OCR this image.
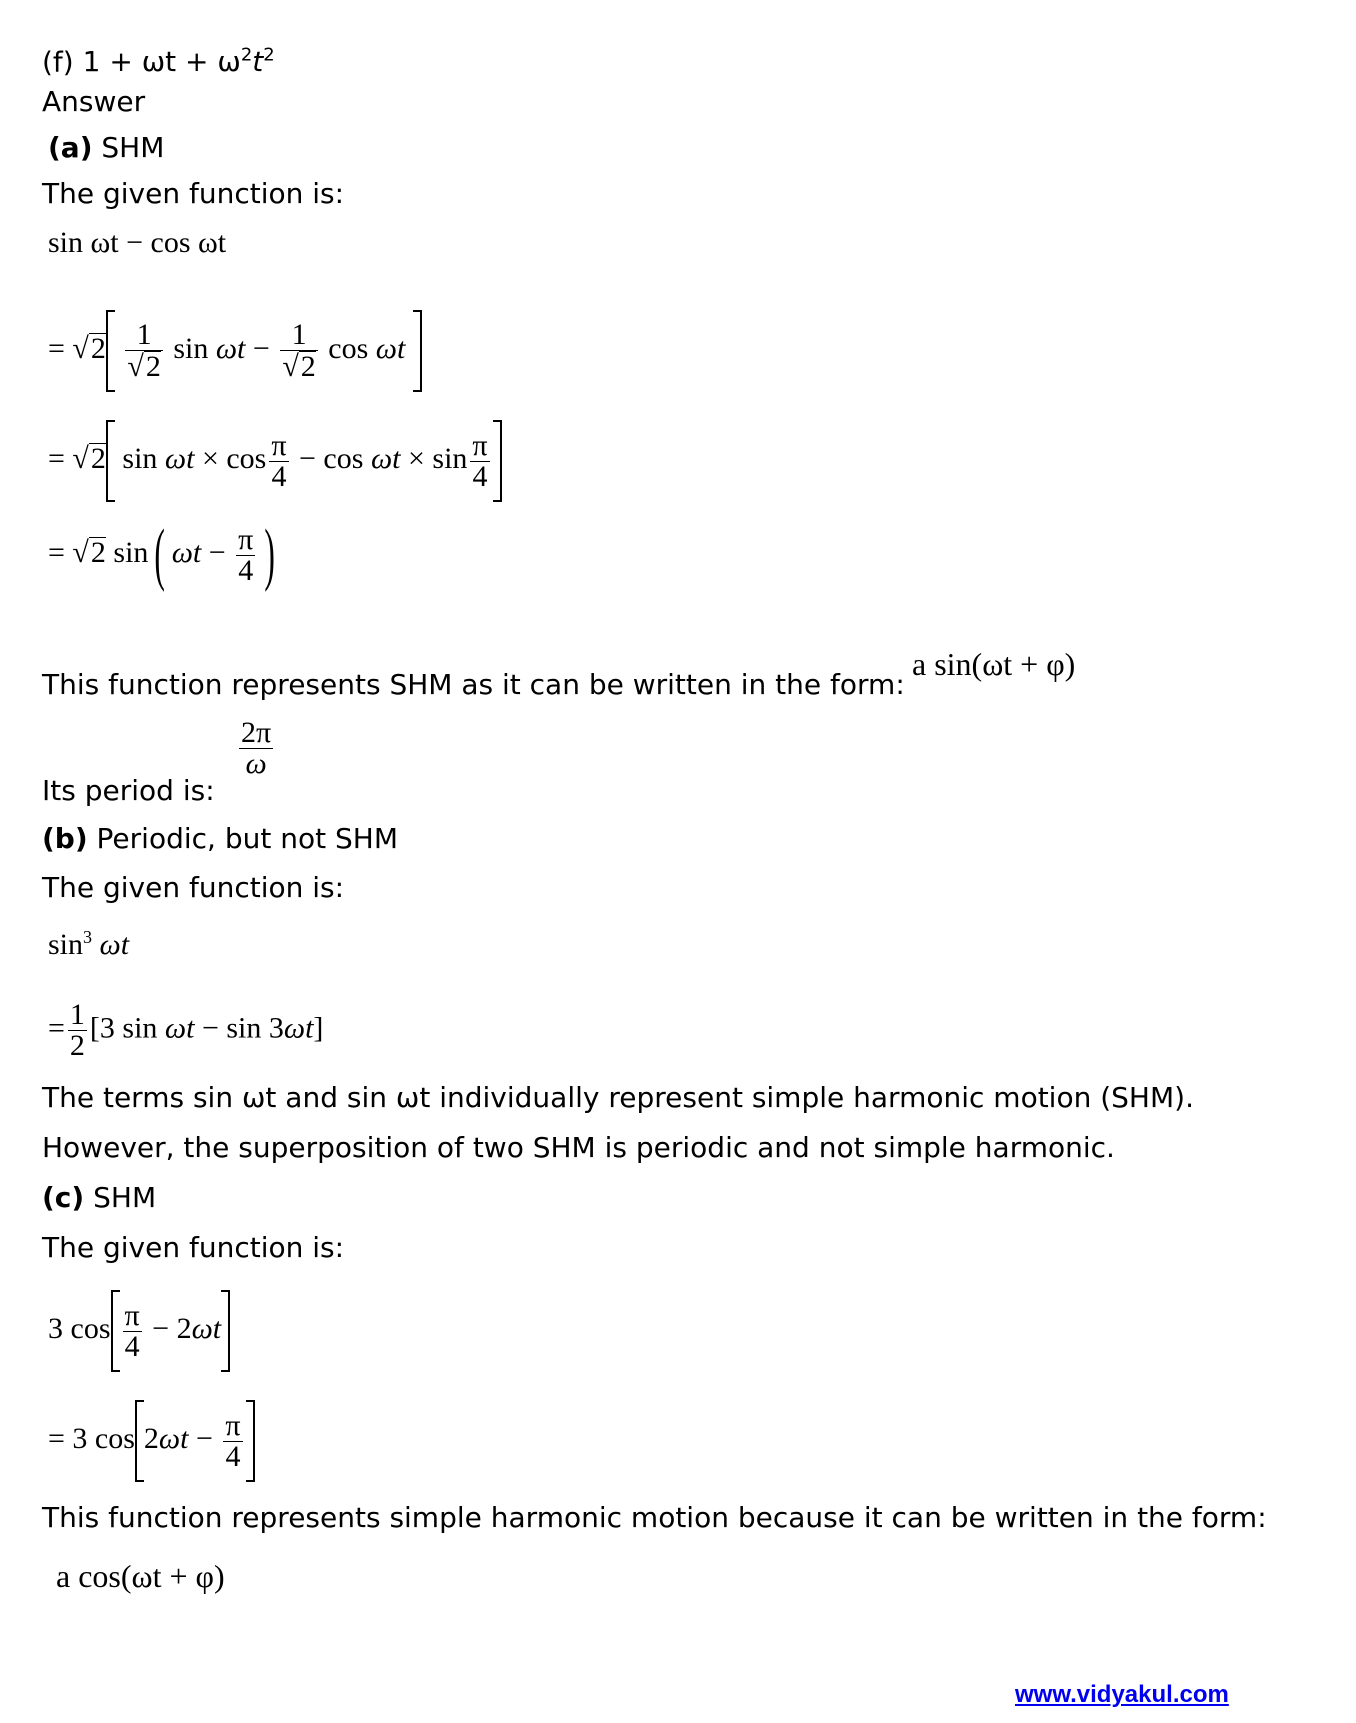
(f) $1 + \omega t + \omega^2t^2$
Answer
(a) SHM
The given function is:
sin ωt − cos ωt
= $√2 \frac{1}{√2}$ $\sin \omega t - \frac{1}{√2}$ cos ωt
= √2 $\sin \omega t \times \cos \frac{\pi}{4} - \cos \omega t \times \sin \frac{\pi}{4}$
= √2 sin( $\omega t - \frac{\pi}{4}$ )
This function represents SHM as it can be written in the form:
a sin(ωt + φ)
Its period is:
$\frac{2\pi}{\omega}$
(b) Periodic, but not SHM
The given function is:
$\sin^3 \omega t$
= $\frac{1}{2} [3$ sin ωt − sin 3ωt]
The terms sin ωt and sin ωt individually represent simple harmonic motion (SHM).
However, the superposition of two SHM is periodic and not simple harmonic.
(c) SHM
The given function is:
3 $\cos \frac{\pi}{4} - 2\omega t$
= 3 $\cos 2\omega t - \frac{\pi}{4}$
This function represents simple harmonic motion because it can be written in the form:
a cos(ωt + φ)
www.vidyakul.com
